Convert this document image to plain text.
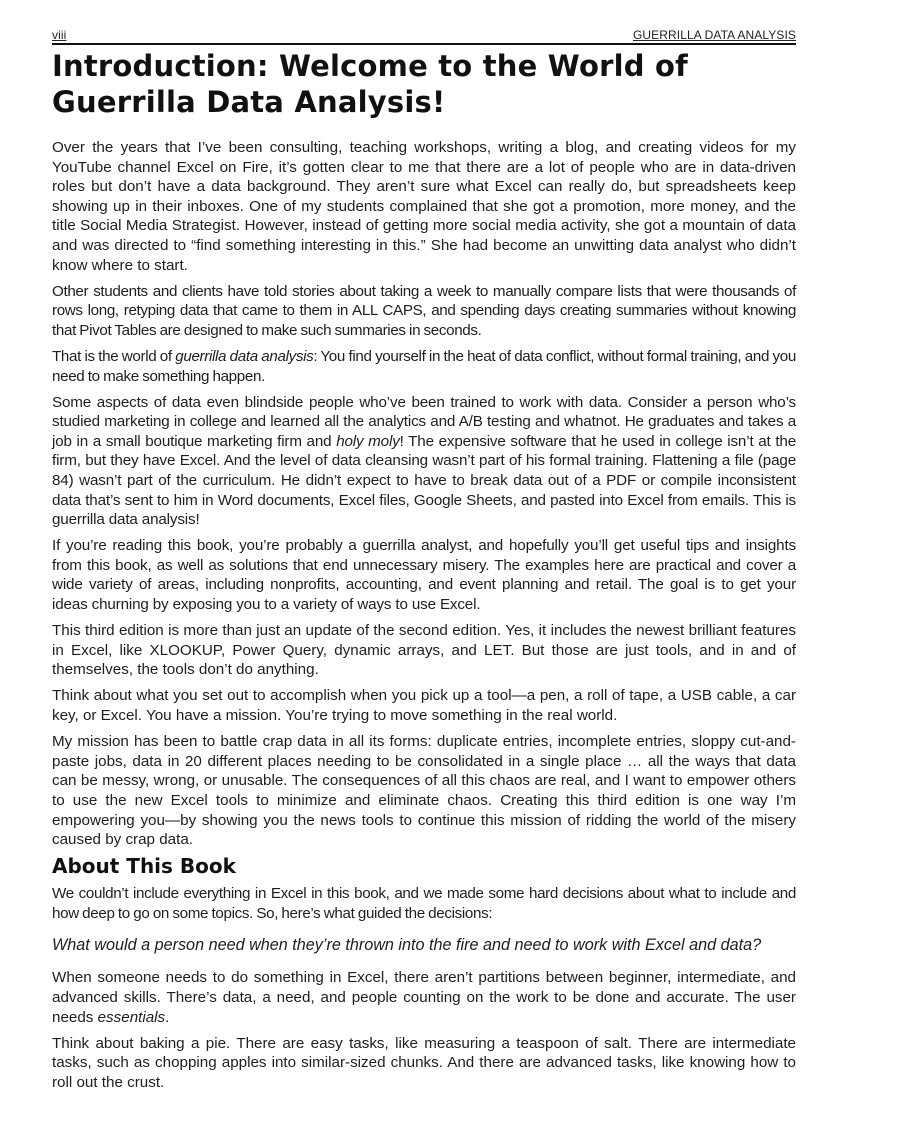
viii	GUERRILLA DATA ANALYSIS
Introduction: Welcome to the World of Guerrilla Data Analysis!

Over the years that I’ve been consulting, teaching workshops, writing a blog, and creating videos for my YouTube channel Excel on Fire, it’s gotten clear to me that there are a lot of people who are in data-driven roles but don’t have a data background. They aren’t sure what Excel can really do, but spreadsheets keep showing up in their inboxes. One of my students complained that she got a promotion, more money, and the title Social Media Strategist. However, instead of getting more social media activity, she got a mountain of data and was directed to “find something interesting in this.” She had become an unwitting data analyst who didn’t know where to start.

Other students and clients have told stories about taking a week to manually compare lists that were thousands of rows long, retyping data that came to them in ALL CAPS, and spending days creating summaries without knowing that Pivot Tables are designed to make such summaries in seconds.

That is the world of guerrilla data analysis: You find yourself in the heat of data conflict, without formal training, and you need to make something happen.

Some aspects of data even blindside people who’ve been trained to work with data. Consider a person who’s studied marketing in college and learned all the analytics and A/B testing and whatnot. He graduates and takes a job in a small boutique marketing firm and holy moly! The expensive software that he used in college isn’t at the firm, but they have Excel. And the level of data cleansing wasn’t part of his formal training. Flattening a file (page 84) wasn’t part of the curriculum. He didn’t expect to have to break data out of a PDF or compile inconsistent data that’s sent to him in Word documents, Excel files, Google Sheets, and pasted into Excel from emails. This is guerrilla data analysis!

If you’re reading this book, you’re probably a guerrilla analyst, and hopefully you’ll get useful tips and insights from this book, as well as solutions that end unnecessary misery. The examples here are practical and cover a wide variety of areas, including nonprofits, accounting, and event planning and retail. The goal is to get your ideas churning by exposing you to a variety of ways to use Excel.

This third edition is more than just an update of the second edition. Yes, it includes the newest brilliant features in Excel, like XLOOKUP, Power Query, dynamic arrays, and LET. But those are just tools, and in and of themselves, the tools don’t do anything.

Think about what you set out to accomplish when you pick up a tool—a pen, a roll of tape, a USB cable, a car key, or Excel. You have a mission. You’re trying to move something in the real world.

My mission has been to battle crap data in all its forms: duplicate entries, incomplete entries, sloppy cut-and-paste jobs, data in 20 different places needing to be consolidated in a single place … all the ways that data can be messy, wrong, or unusable. The consequences of all this chaos are real, and I want to empower others to use the new Excel tools to minimize and eliminate chaos. Creating this third edition is one way I’m empowering you—by showing you the news tools to continue this mission of ridding the world of the misery caused by crap data.

About This Book

We couldn’t include everything in Excel in this book, and we made some hard decisions about what to include and how deep to go on some topics. So, here’s what guided the decisions:

What would a person need when they’re thrown into the fire and need to work with Excel and data?

When someone needs to do something in Excel, there aren’t partitions between beginner, intermediate, and advanced skills. There’s data, a need, and people counting on the work to be done and accurate. The user needs essentials.

Think about baking a pie. There are easy tasks, like measuring a teaspoon of salt. There are intermediate tasks, such as chopping apples into similar-sized chunks. And there are advanced tasks, like knowing how to roll out the crust.
